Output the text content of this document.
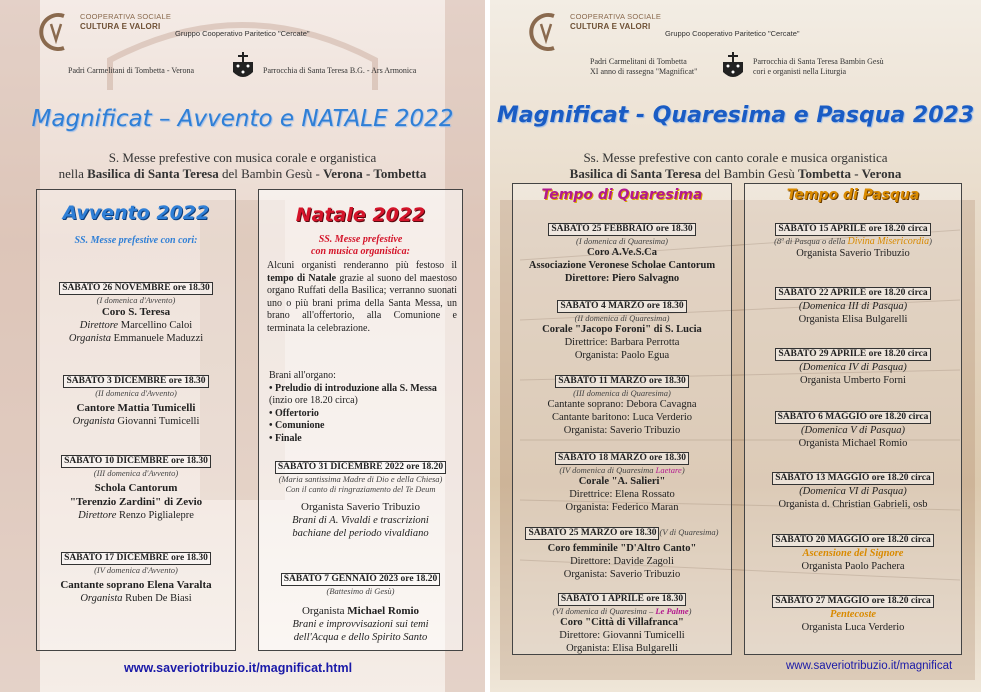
COOPERATIVA SOCIALE
CULTURA E VALORI
Gruppo Cooperativo Paritetico "Cercate"
Padri Carmelitani di Tombetta - Verona	Parrocchia di Santa Teresa B.G. - Ars Armonica
Magnificat – Avvento e NATALE 2022
S. Messe prefestive con musica corale e organistica
nella Basilica di Santa Teresa del Bambin Gesù - Verona - Tombetta
Avvento 2022
SS. Messe prefestive con cori:
SABATO 26 NOVEMBRE ore 18.30
(I domenica d'Avvento)
Coro S. Teresa
Direttore Marcellino Caloi
Organista Emmanuele Maduzzi
SABATO 3 DICEMBRE ore 18.30
(II domenica d'Avvento)
Cantore Mattia Tumicelli
Organista Giovanni Tumicelli
SABATO 10 DICEMBRE ore 18.30
(III domenica d'Avvento)
Schola Cantorum
"Terenzio Zardini" di Zevio
Direttore Renzo Piglialepre
SABATO 17 DICEMBRE ore 18.30
(IV domenica d'Avvento)
Cantante soprano Elena Varalta
Organista Ruben De Biasi
Natale 2022
SS. Messe prefestive
con musica organistica:
Alcuni organisti renderanno più festoso il tempo di Natale grazie al suono del maestoso organo Ruffati della Basilica; verranno suonati uno o più brani prima della Santa Messa, un brano all'offertorio, alla Comunione e terminata la celebrazione.
Brani all'organo:
• Preludio di introduzione alla S. Messa
(inzio ore 18.20 circa)
• Offertorio
• Comunione
• Finale
SABATO 31 DICEMBRE 2022 ore 18.20
(Maria santissima Madre di Dio e della Chiesa)
Con il canto di ringraziamento del Te Deum
Organista Saverio Tribuzio
Brani di A. Vivaldi e trascrizioni
bachiane del periodo vivaldiano
SABATO 7 GENNAIO 2023 ore 18.20
(Battesimo di Gesù)
Organista Michael Romio
Brani e improvvisazioni sui temi
dell'Acqua e dello Spirito Santo
www.saveriotribuzio.it/magnificat.html
COOPERATIVA SOCIALE
CULTURA E VALORI
Gruppo Cooperativo Paritetico "Cercate"
Padri Carmelitani di Tombetta
XI anno di rassegna "Magnificat"
Parrocchia di Santa Teresa Bambin Gesù
cori e organisti nella Liturgia
Magnificat - Quaresima e Pasqua 2023
Ss. Messe prefestive con canto corale e musica organistica
Basilica di Santa Teresa del Bambin Gesù Tombetta - Verona
Tempo di Quaresima
SABATO 25 FEBBRAIO ore 18.30
(I domenica di Quaresima)
Coro A.Ve.S.Ca
Associazione Veronese Scholae Cantorum
Direttore: Piero Salvagno
SABATO 4 MARZO ore 18.30
(II domenica di Quaresima)
Corale "Jacopo Foroni" di S. Lucia
Direttrice: Barbara Perrotta
Organista: Paolo Egua
SABATO 11 MARZO ore 18.30
(III domenica di Quaresima)
Cantante soprano: Debora Cavagna
Cantante baritono: Luca Verderio
Organista: Saverio Tribuzio
SABATO 18 MARZO ore 18.30
(IV domenica di Quaresima Laetare)
Corale "A. Salieri"
Direttrice: Elena Rossato
Organista: Federico Maran
SABATO 25 MARZO ore 18.30 (V di Quaresima)
Coro femminile "D'Altro Canto"
Direttore: Davide Zagoli
Organista: Saverio Tribuzio
SABATO 1 APRILE ore 18.30
(VI domenica di Quaresima – Le Palme)
Coro "Città di Villafranca"
Direttore: Giovanni Tumicelli
Organista: Elisa Bulgarelli
Tempo di Pasqua
SABATO 15 APRILE ore 18.20 circa
(8ª di Pasqua o della Divina Misericordia)
Organista Saverio Tribuzio
SABATO 22 APRILE ore 18.20 circa
(Domenica III di Pasqua)
Organista Elisa Bulgarelli
SABATO 29 APRILE ore 18.20 circa
(Domenica IV di Pasqua)
Organista Umberto Forni
SABATO 6 MAGGIO ore 18.20 circa
(Domenica V di Pasqua)
Organista Michael Romio
SABATO 13 MAGGIO ore 18.20 circa
(Domenica VI di Pasqua)
Organista d. Christian Gabrieli, osb
SABATO 20 MAGGIO ore 18.20 circa
Ascensione del Signore
Organista Paolo Pachera
SABATO 27 MAGGIO ore 18.20 circa
Pentecoste
Organista Luca Verderio
www.saveriotribuzio.it/magnificat
